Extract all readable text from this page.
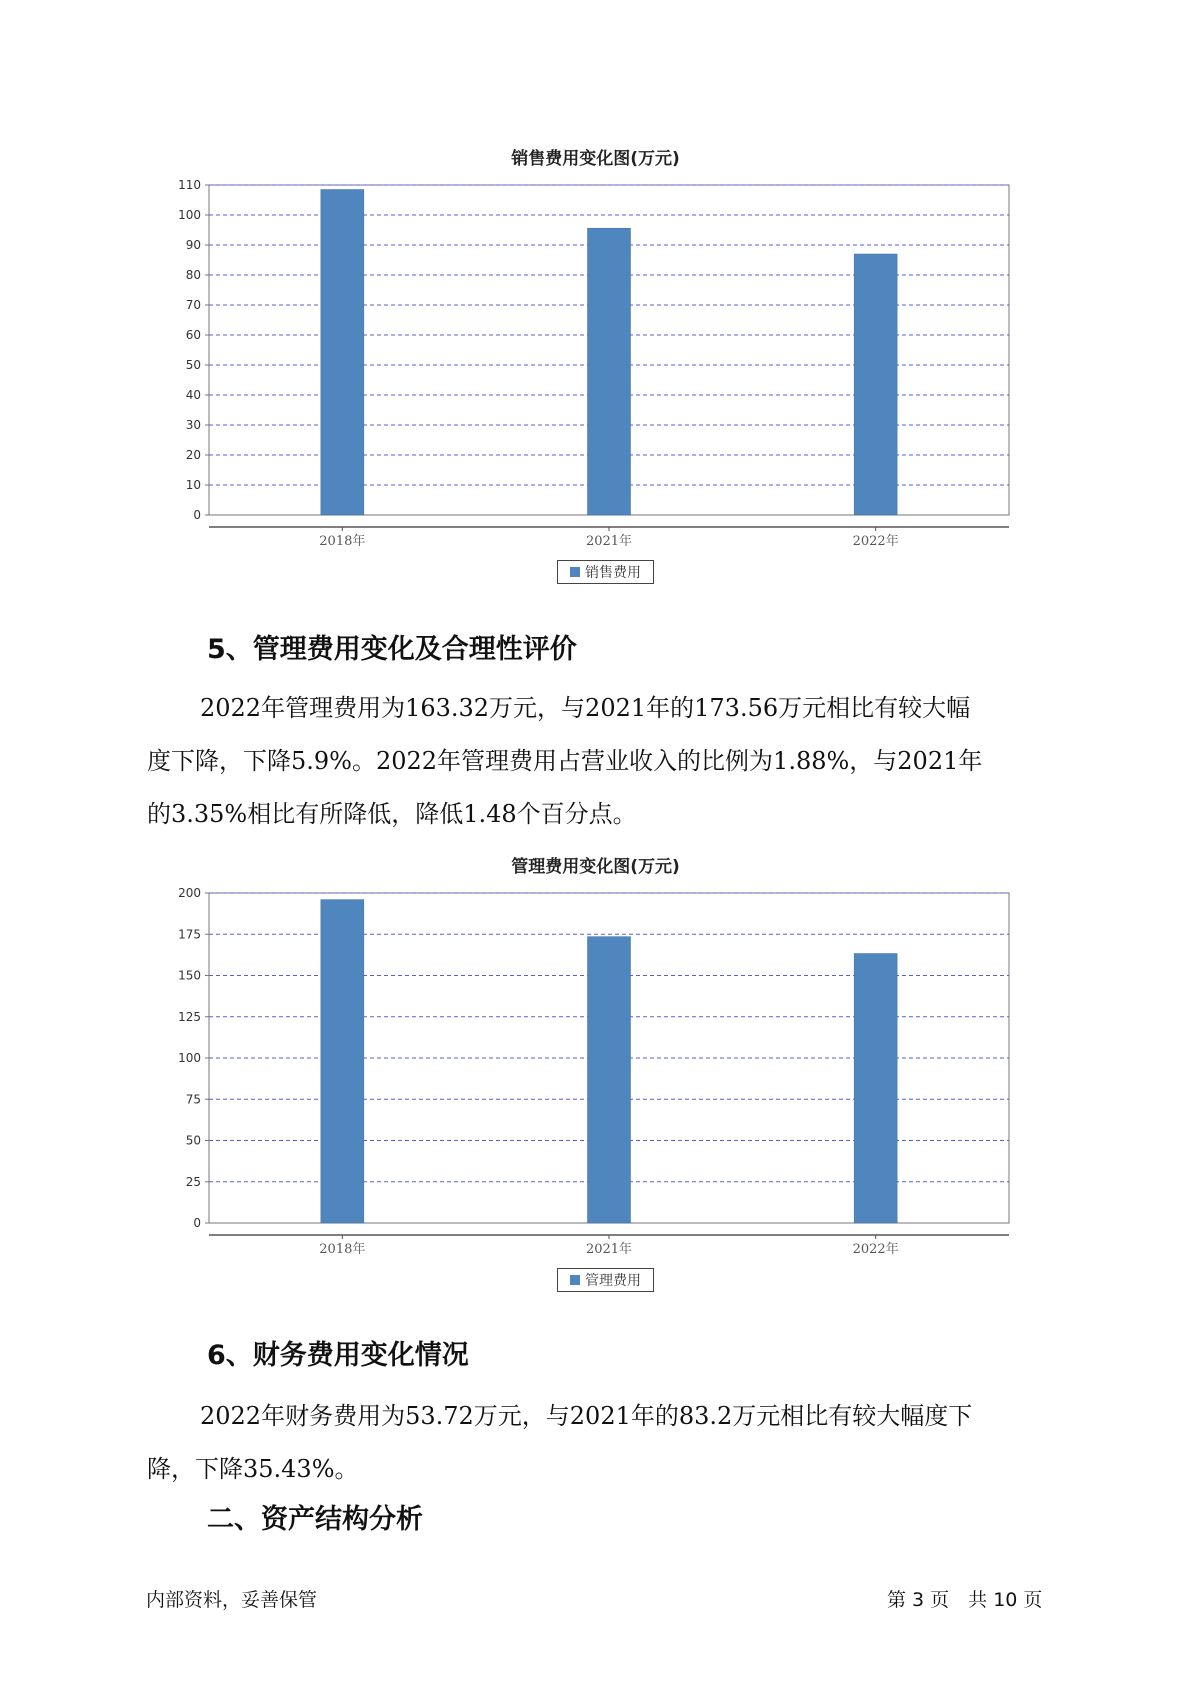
销售费用变化图(万元)
0
10
20
30
40
50
60
70
80
90
100
110
2018年	2021年	2022年
销售费用
5、管理费用变化及合理性评价
2022年管理费用为163.32万元，与2021年的173.56万元相比有较大幅
度下降，下降5.9%。2022年管理费用占营业收入的比例为1.88%，与2021年
的3.35%相比有所降低，降低1.48个百分点。
管理费用变化图(万元)
0
25
50
75
100
125
150
175
200
2018年	2021年	2022年
管理费用
6、财务费用变化情况
2022年财务费用为53.72万元，与2021年的83.2万元相比有较大幅度下
降，下降35.43%。
二、资产结构分析
内部资料，妥善保管	第 3 页　共 10 页
